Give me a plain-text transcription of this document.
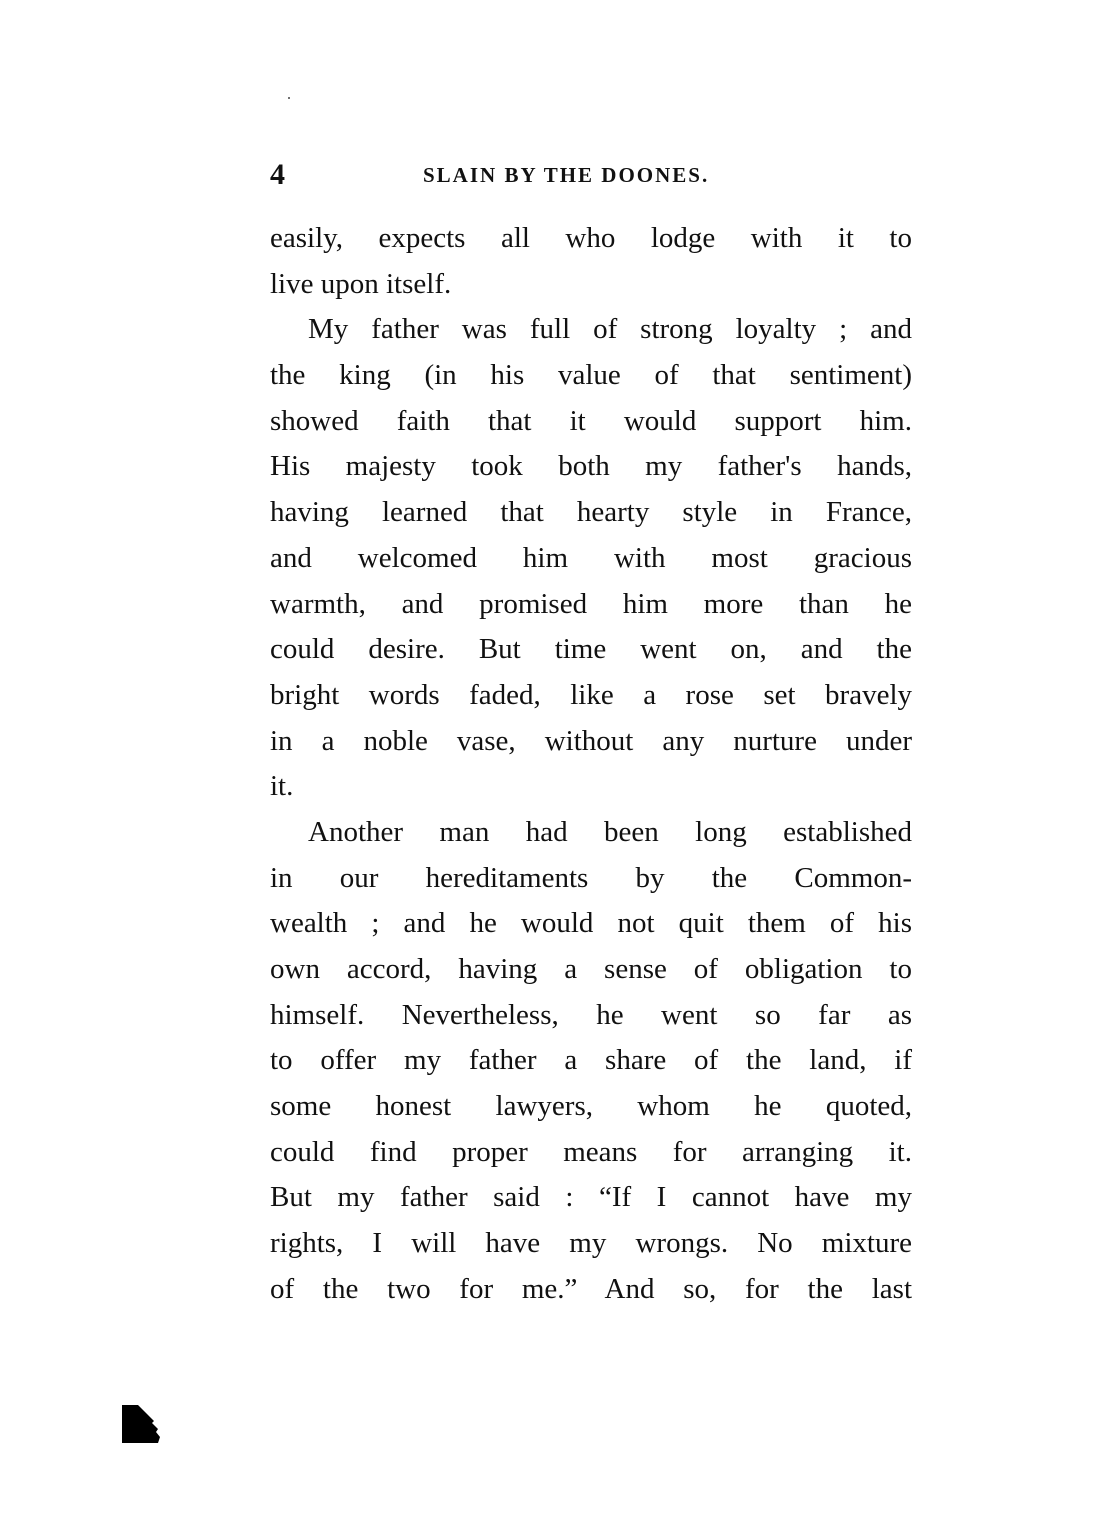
4	SLAIN BY THE DOONES.
easily, expects all who lodge with it to
live upon itself.
My father was full of strong loyalty ; and
the king (in his value of that sentiment)
showed faith that it would support him.
His majesty took both my father's hands,
having learned that hearty style in France,
and welcomed him with most gracious
warmth, and promised him more than he
could desire. But time went on, and the
bright words faded, like a rose set bravely
in a noble vase, without any nurture under
it.
Another man had been long established
in our hereditaments by the Common-
wealth ; and he would not quit them of his
own accord, having a sense of obligation to
himself. Nevertheless, he went so far as
to offer my father a share of the land, if
some honest lawyers, whom he quoted,
could find proper means for arranging it.
But my father said : “If I cannot have my
rights, I will have my wrongs. No mixture
of the two for me.” And so, for the last
